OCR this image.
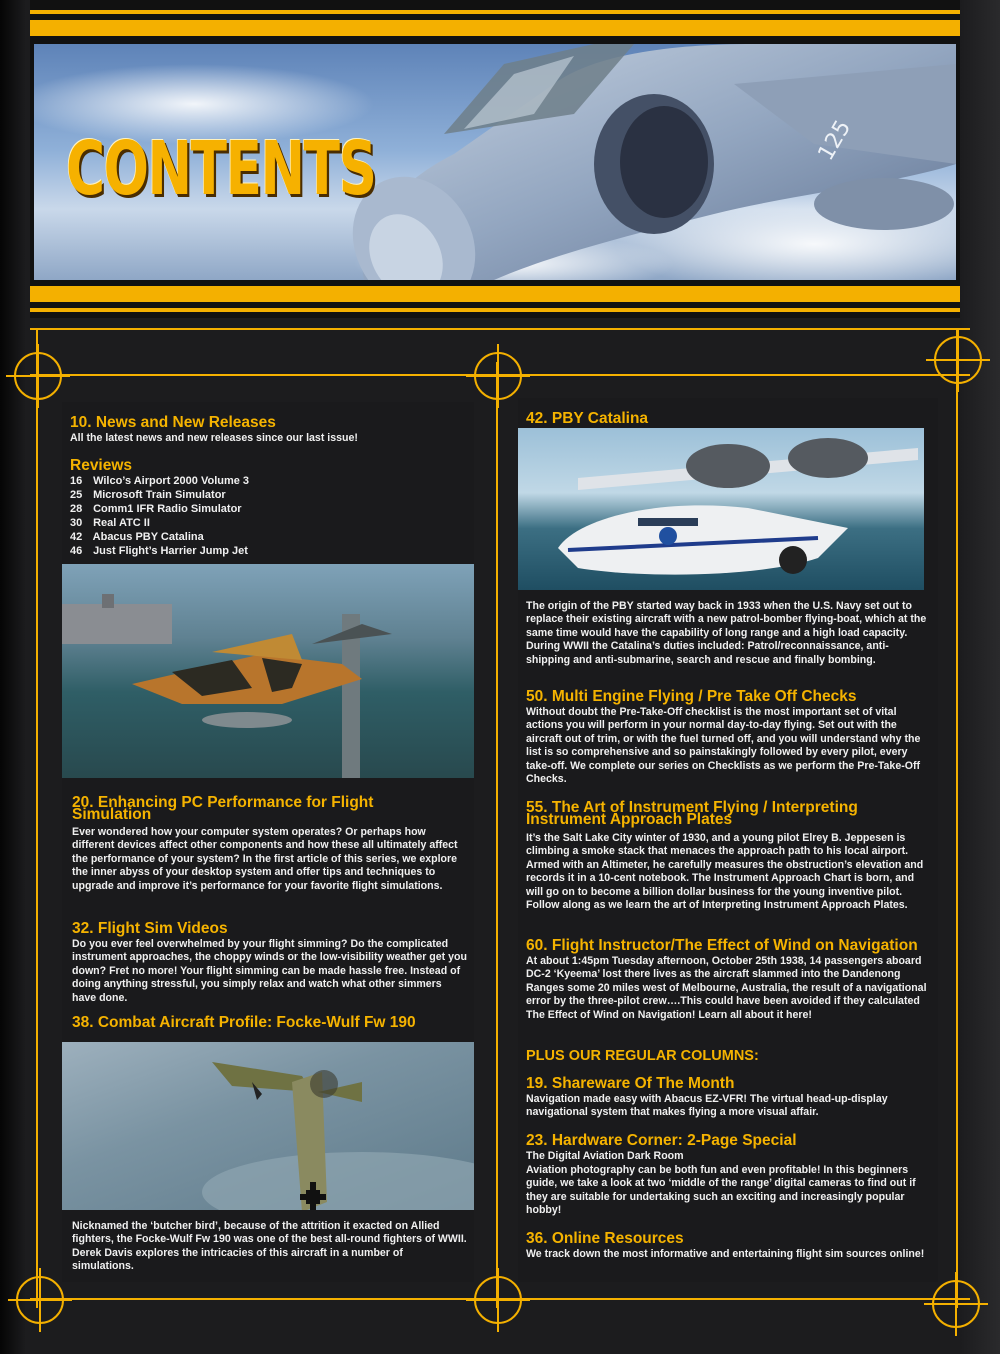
125
CONTENTS
10. News and New Releases

All the latest news and new releases since our last issue!

Reviews
16 Wilco’s Airport 2000 Volume 3
25 Microsoft Train Simulator
28 Comm1 IFR Radio Simulator
30 Real ATC II
42 Abacus PBY Catalina
46 Just Flight’s Harrier Jump Jet
20. Enhancing PC Performance for Flight

Simulation

Ever wondered how your computer system operates? Or perhaps how different devices affect other components and how these all ultimately affect the performance of your system? In the first article of this series, we explore the inner abyss of your desktop system and offer tips and techniques to upgrade and improve it’s performance for your favorite flight simulations.

32. Flight Sim Videos

Do you ever feel overwhelmed by your flight simming? Do the complicated instrument approaches, the choppy winds or the low-visibility weather get you down? Fret no more! Your flight simming can be made hassle free. Instead of doing anything stressful, you simply relax and watch what other simmers have done.

38. Combat Aircraft Profile: Focke-Wulf Fw 190

Nicknamed the ‘butcher bird’, because of the attrition it exacted on Allied fighters, the Focke-Wulf Fw 190 was one of the best all-round fighters of WWII. Derek Davis explores the intricacies of this aircraft in a number of simulations.

42. PBY Catalina

The origin of the PBY started way back in 1933 when the U.S. Navy set out to replace their existing aircraft with a new patrol-bomber flying-boat, which at the same time would have the capability of long range and a high load capacity. During WWII the Catalina’s duties included: Patrol/reconnaissance, anti-shipping and anti-submarine, search and rescue and finally bombing.

50. Multi Engine Flying / Pre Take Off Checks

Without doubt the Pre-Take-Off checklist is the most important set of vital actions you will perform in your normal day-to-day flying. Set out with the aircraft out of trim, or with the fuel turned off, and you will understand why the list is so comprehensive and so painstakingly followed by every pilot, every take-off. We complete our series on Checklists as we perform the Pre-Take-Off Checks.

55. The Art of Instrument Flying / Interpreting

Instrument Approach Plates

It’s the Salt Lake City winter of 1930, and a young pilot Elrey B. Jeppesen is climbing a smoke stack that menaces the approach path to his local airport. Armed with an Altimeter, he carefully measures the obstruction’s elevation and records it in a 10-cent notebook. The Instrument Approach Chart is born, and will go on to become a billion dollar business for the young inventive pilot. Follow along as we learn the art of Interpreting Instrument Approach Plates.

60. Flight Instructor/The Effect of Wind on Navigation

At about 1:45pm Tuesday afternoon, October 25th 1938, 14 passengers aboard DC-2 ‘Kyeema’ lost there lives as the aircraft slammed into the Dandenong Ranges some 20 miles west of Melbourne, Australia, the result of a navigational error by the three-pilot crew….This could have been avoided if they calculated The Effect of Wind on Navigation! Learn all about it here!

PLUS OUR REGULAR COLUMNS:
19. Shareware Of The Month

Navigation made easy with Abacus EZ-VFR! The virtual head-up-display navigational system that makes flying a more visual affair.

23. Hardware Corner: 2-Page Special

The Digital Aviation Dark Room

Aviation photography can be both fun and even profitable! In this beginners guide, we take a look at two ‘middle of the range’ digital cameras to find out if they are suitable for undertaking such an exciting and increasingly popular hobby!

36. Online Resources

We track down the most informative and entertaining flight sim sources online!
